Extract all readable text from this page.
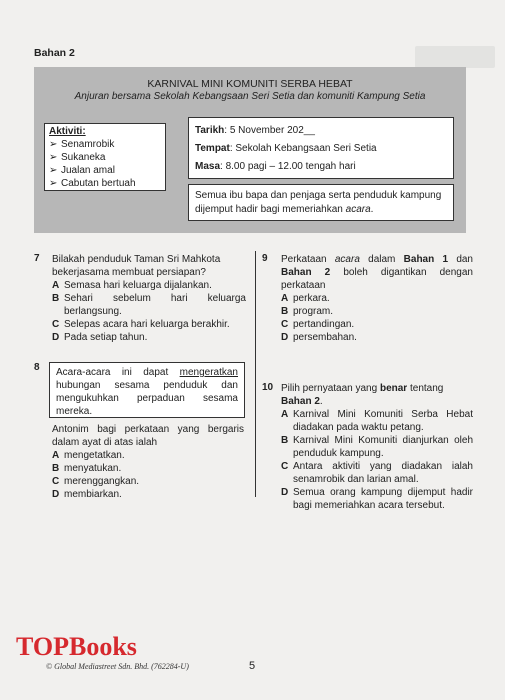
Bahan 2
KARNIVAL MINI KOMUNITI SERBA HEBAT
Anjuran bersama Sekolah Kebangsaan Seri Setia dan komuniti Kampung Setia
Aktiviti:
➢ Senamrobik
➢ Sukaneka
➢ Jualan amal
➢ Cabutan bertuah
Tarikh: 5 November 202__
Tempat: Sekolah Kebangsaan Seri Setia
Masa: 8.00 pagi – 12.00 tengah hari
Semua ibu bapa dan penjaga serta penduduk kampung
dijemput hadir bagi memeriahkan acara.
7 Bilakah penduduk Taman Sri Mahkota bekerjasama membuat persiapan?
A Semasa hari keluarga dijalankan.
B Sehari sebelum hari keluarga berlangsung.
C Selepas acara hari keluarga berakhir.
D Pada setiap tahun.
8	Acara-acara ini dapat mengeratkan hubungan sesama penduduk dan mengukuhkan perpaduan sesama mereka.
Antonim bagi perkataan yang bergaris dalam ayat di atas ialah
A mengetatkan.
B menyatukan.
C merenggangkan.
D membiarkan.
9 Perkataan acara dalam Bahan 1 dan Bahan 2 boleh digantikan dengan perkataan
A perkara.
B program.
C pertandingan.
D persembahan.
10 Pilih pernyataan yang benar tentang Bahan 2.
A Karnival Mini Komuniti Serba Hebat diadakan pada waktu petang.
B Karnival Mini Komuniti dianjurkan oleh penduduk kampung.
C Antara aktiviti yang diadakan ialah senamrobik dan larian amal.
D Semua orang kampung dijemput hadir bagi memeriahkan acara tersebut.
TOPBooks
© Global Mediastreet Sdn. Bhd. (762284-U)	5
